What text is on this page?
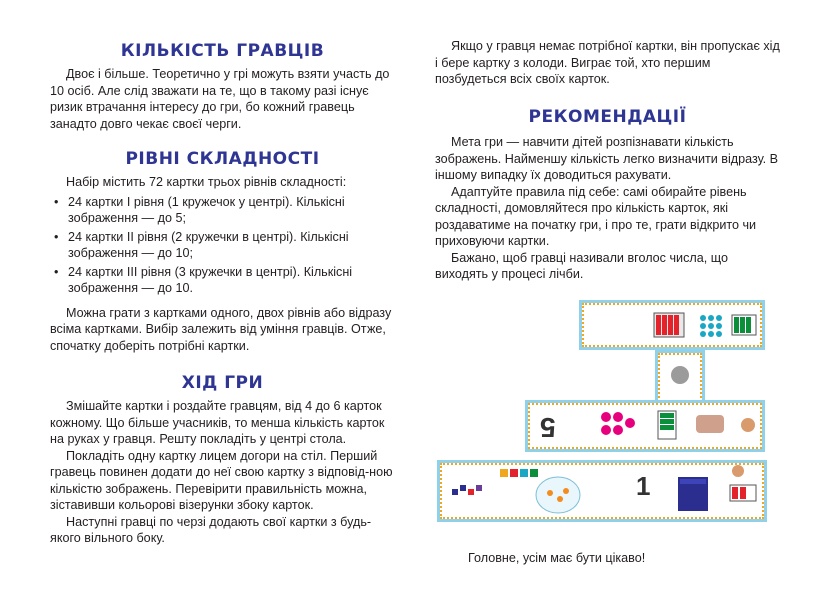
КІЛЬКІСТЬ ГРАВЦІВ

Двоє і більше. Теоретично у грі можуть взяти участь до 10 осіб. Але слід зважати на те, що в такому разі існує ризик втрачання інтересу до гри, бо кожний гравець занадто довго чекає своєї черги.

РІВНІ СКЛАДНОСТІ

Набір містить 72 картки трьох рівнів складності:

• 24 картки I рівня (1 кружечок у центрі). Кількісні зображення — до 5;
• 24 картки II рівня (2 кружечки в центрі). Кількісні зображення — до 10;
• 24 картки III рівня (3 кружечки в центрі). Кількісні зображення — до 10.

Можна грати з картками одного, двох рівнів або відразу всіма картками. Вибір залежить від уміння гравців. Отже, спочатку доберіть потрібні картки.

ХІД ГРИ

Змішайте картки і роздайте гравцям, від 4 до 6 карток кожному. Що більше учасників, то менша кількість карток на руках у гравця. Решту покладіть у центрі стола.

Покладіть одну картку лицем догори на стіл. Перший гравець повинен додати до неї свою картку з відповід-ною кількістю зображень. Перевірити правильність можна, зіставивши кольорові візерунки збоку карток.

Наступні гравці по черзі додають свої картки з будь-якого вільного боку.

Якщо у гравця немає потрібної картки, він пропускає хід і бере картку з колоди. Виграє той, хто першим позбудеться всіх своїх карток.

РЕКОМЕНДАЦІЇ

Мета гри — навчити дітей розпізнавати кількість зображень. Найменшу кількість легко визначити відразу. В іншому випадку їх доводиться рахувати.

Адаптуйте правила під себе: самі обирайте рівень складності, домовляйтеся про кількість карток, які роздаватиме на початку гри, і про те, грати відкрито чи приховуючи картки.

Бажано, щоб гравці називали вголос числа, що виходять у процесі лічби.

5
1

Головне, усім має бути цікаво!
